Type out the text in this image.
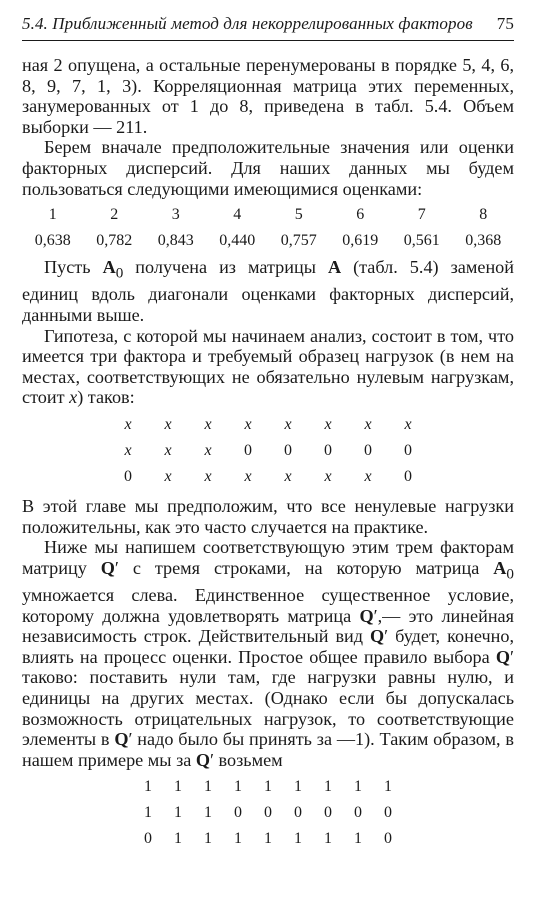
5.4. Приближенный метод для некоррелированных факторов 75

ная 2 опущена, а остальные перенумерованы в порядке 5, 4, 6, 8, 9, 7, 1, 3). Корреляционная матрица этих переменных, занумерованных от 1 до 8, приведена в табл. 5.4. Объем выборки — 211.

Берем вначале предположительные значения или оценки факторных дисперсий. Для наших данных мы будем пользоваться следующими имеющимися оценками:

1	2	3	4	5	6	7	8
0,638	0,782	0,843	0,440	0,757	0,619	0,561	0,368

Пусть $A_0$ получена из матрицы A (табл. 5.4) заменой единиц вдоль диагонали оценками факторных дисперсий, данными выше.

Гипотеза, с которой мы начинаем анализ, состоит в том, что имеется три фактора и требуемый образец нагрузок (в нем на местах, соответствующих не обязательно нулевым нагрузкам, стоит x) таков:

x	x	x	x	x	x	x	x
x	x	x	0	0	0	0	0
0	x	x	x	x	x	x	0

В этой главе мы предположим, что все ненулевые нагрузки положительны, как это часто случается на практике.

Ниже мы напишем соответствующую этим трем факторам матрицу Q′ с тремя строками, на которую матрица $A_0$ умножается слева. Единственное существенное условие, которому должна удовлетворять матрица Q′,— это линейная независимость строк. Действительный вид Q′ будет, конечно, влиять на процесс оценки. Простое общее правило выбора Q′ таково: поставить нули там, где нагрузки равны нулю, и единицы на других местах. (Однако если бы допускалась возможность отрицательных нагрузок, то соответствующие элементы в Q′ надо было бы принять за —1). Таким образом, в нашем примере мы за Q′ возьмем

1	1	1	1	1	1	1	1	1
1	1	1	0	0	0	0	0	0
0	1	1	1	1	1	1	1	0
